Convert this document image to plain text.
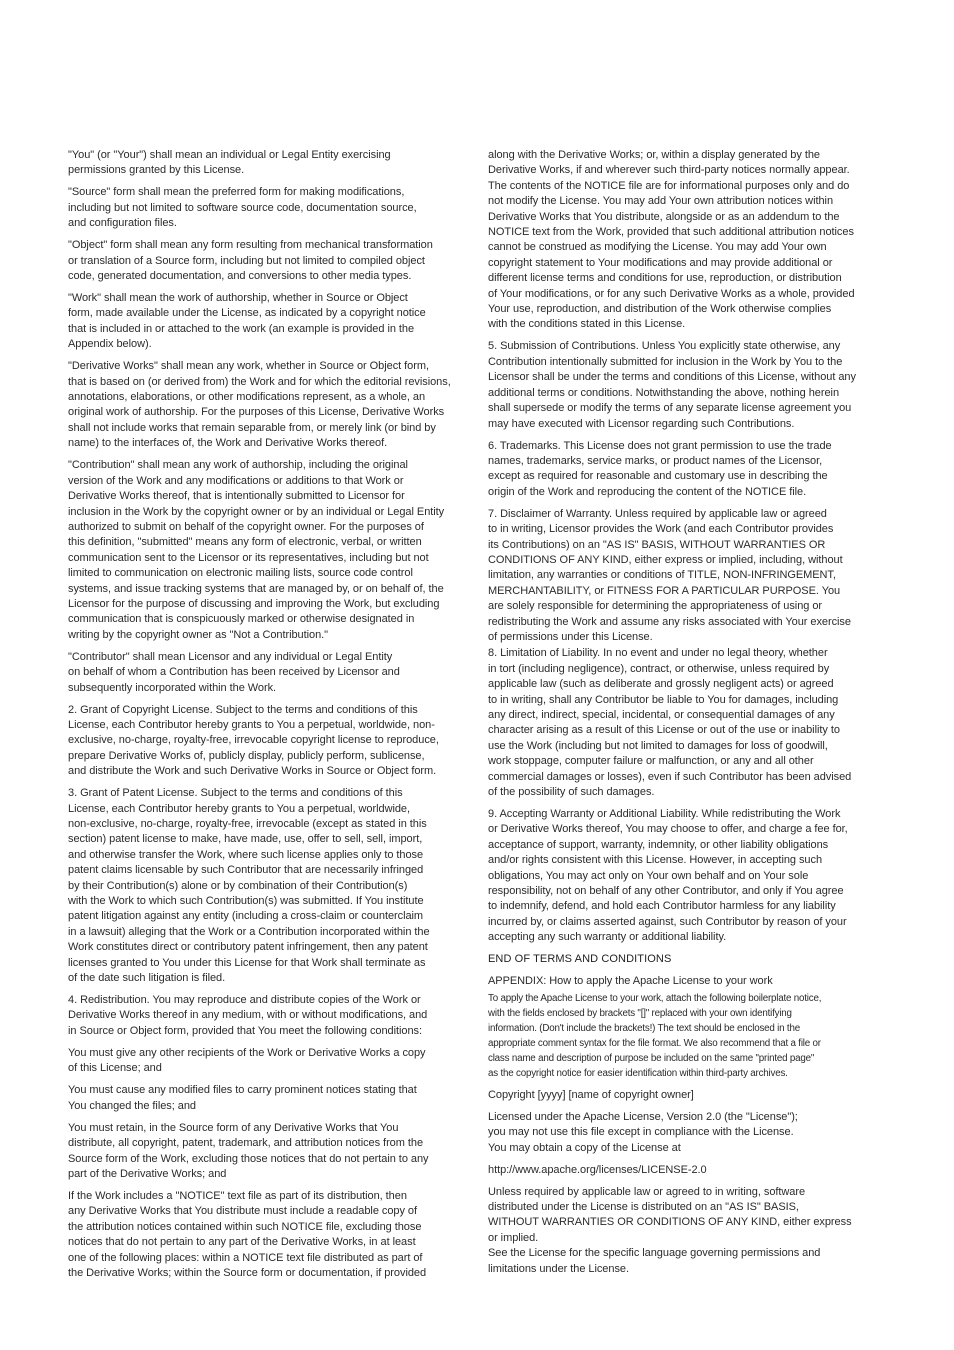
"You" (or "Your") shall mean an individual or Legal Entity exercising
permissions granted by this License.

"Source" form shall mean the preferred form for making modifications,
including but not limited to software source code, documentation source,
and configuration files.

"Object" form shall mean any form resulting from mechanical transformation
or translation of a Source form, including but not limited to compiled object
code, generated documentation, and conversions to other media types.

"Work" shall mean the work of authorship, whether in Source or Object
form, made available under the License, as indicated by a copyright notice
that is included in or attached to the work (an example is provided in the
Appendix below).

"Derivative Works" shall mean any work, whether in Source or Object form,
that is based on (or derived from) the Work and for which the editorial revisions,
annotations, elaborations, or other modifications represent, as a whole, an
original work of authorship. For the purposes of this License, Derivative Works
shall not include works that remain separable from, or merely link (or bind by
name) to the interfaces of, the Work and Derivative Works thereof.

"Contribution" shall mean any work of authorship, including the original
version of the Work and any modifications or additions to that Work or
Derivative Works thereof, that is intentionally submitted to Licensor for
inclusion in the Work by the copyright owner or by an individual or Legal Entity
authorized to submit on behalf of the copyright owner. For the purposes of
this definition, "submitted" means any form of electronic, verbal, or written
communication sent to the Licensor or its representatives, including but not
limited to communication on electronic mailing lists, source code control
systems, and issue tracking systems that are managed by, or on behalf of, the
Licensor for the purpose of discussing and improving the Work, but excluding
communication that is conspicuously marked or otherwise designated in
writing by the copyright owner as "Not a Contribution."

"Contributor" shall mean Licensor and any individual or Legal Entity
on behalf of whom a Contribution has been received by Licensor and
subsequently incorporated within the Work.

2. Grant of Copyright License. Subject to the terms and conditions of this
License, each Contributor hereby grants to You a perpetual, worldwide, non-
exclusive, no-charge, royalty-free, irrevocable copyright license to reproduce,
prepare Derivative Works of, publicly display, publicly perform, sublicense,
and distribute the Work and such Derivative Works in Source or Object form.

3. Grant of Patent License. Subject to the terms and conditions of this
License, each Contributor hereby grants to You a perpetual, worldwide,
non-exclusive, no-charge, royalty-free, irrevocable (except as stated in this
section) patent license to make, have made, use, offer to sell, sell, import,
and otherwise transfer the Work, where such license applies only to those
patent claims licensable by such Contributor that are necessarily infringed
by their Contribution(s) alone or by combination of their Contribution(s)
with the Work to which such Contribution(s) was submitted. If You institute
patent litigation against any entity (including a cross-claim or counterclaim
in a lawsuit) alleging that the Work or a Contribution incorporated within the
Work constitutes direct or contributory patent infringement, then any patent
licenses granted to You under this License for that Work shall terminate as
of the date such litigation is filed.

4. Redistribution. You may reproduce and distribute copies of the Work or
Derivative Works thereof in any medium, with or without modifications, and
in Source or Object form, provided that You meet the following conditions:

You must give any other recipients of the Work or Derivative Works a copy
of this License; and

You must cause any modified files to carry prominent notices stating that
You changed the files; and

You must retain, in the Source form of any Derivative Works that You
distribute, all copyright, patent, trademark, and attribution notices from the
Source form of the Work, excluding those notices that do not pertain to any
part of the Derivative Works; and

If the Work includes a "NOTICE" text file as part of its distribution, then
any Derivative Works that You distribute must include a readable copy of
the attribution notices contained within such NOTICE file, excluding those
notices that do not pertain to any part of the Derivative Works, in at least
one of the following places: within a NOTICE text file distributed as part of
the Derivative Works; within the Source form or documentation, if provided

along with the Derivative Works; or, within a display generated by the
Derivative Works, if and wherever such third-party notices normally appear.
The contents of the NOTICE file are for informational purposes only and do
not modify the License. You may add Your own attribution notices within
Derivative Works that You distribute, alongside or as an addendum to the
NOTICE text from the Work, provided that such additional attribution notices
cannot be construed as modifying the License. You may add Your own
copyright statement to Your modifications and may provide additional or
different license terms and conditions for use, reproduction, or distribution
of Your modifications, or for any such Derivative Works as a whole, provided
Your use, reproduction, and distribution of the Work otherwise complies
with the conditions stated in this License.

5. Submission of Contributions. Unless You explicitly state otherwise, any
Contribution intentionally submitted for inclusion in the Work by You to the
Licensor shall be under the terms and conditions of this License, without any
additional terms or conditions. Notwithstanding the above, nothing herein
shall supersede or modify the terms of any separate license agreement you
may have executed with Licensor regarding such Contributions.

6. Trademarks. This License does not grant permission to use the trade
names, trademarks, service marks, or product names of the Licensor,
except as required for reasonable and customary use in describing the
origin of the Work and reproducing the content of the NOTICE file.

7. Disclaimer of Warranty. Unless required by applicable law or agreed
to in writing, Licensor provides the Work (and each Contributor provides
its Contributions) on an "AS IS" BASIS, WITHOUT WARRANTIES OR
CONDITIONS OF ANY KIND, either express or implied, including, without
limitation, any warranties or conditions of TITLE, NON-INFRINGEMENT,
MERCHANTABILITY, or FITNESS FOR A PARTICULAR PURPOSE. You
are solely responsible for determining the appropriateness of using or
redistributing the Work and assume any risks associated with Your exercise
of permissions under this License.

8. Limitation of Liability. In no event and under no legal theory, whether
in tort (including negligence), contract, or otherwise, unless required by
applicable law (such as deliberate and grossly negligent acts) or agreed
to in writing, shall any Contributor be liable to You for damages, including
any direct, indirect, special, incidental, or consequential damages of any
character arising as a result of this License or out of the use or inability to
use the Work (including but not limited to damages for loss of goodwill,
work stoppage, computer failure or malfunction, or any and all other
commercial damages or losses), even if such Contributor has been advised
of the possibility of such damages.

9. Accepting Warranty or Additional Liability. While redistributing the Work
or Derivative Works thereof, You may choose to offer, and charge a fee for,
acceptance of support, warranty, indemnity, or other liability obligations
and/or rights consistent with this License. However, in accepting such
obligations, You may act only on Your own behalf and on Your sole
responsibility, not on behalf of any other Contributor, and only if You agree
to indemnify, defend, and hold each Contributor harmless for any liability
incurred by, or claims asserted against, such Contributor by reason of your
accepting any such warranty or additional liability.

END OF TERMS AND CONDITIONS

APPENDIX: How to apply the Apache License to your work

To apply the Apache License to your work, attach the following boilerplate notice,
with the fields enclosed by brackets "[]" replaced with your own identifying
information. (Don't include the brackets!) The text should be enclosed in the
appropriate comment syntax for the file format. We also recommend that a file or
class name and description of purpose be included on the same "printed page"
as the copyright notice for easier identification within third-party archives.

Copyright [yyyy] [name of copyright owner]

Licensed under the Apache License, Version 2.0 (the "License");

you may not use this file except in compliance with the License.

You may obtain a copy of the License at

http://www.apache.org/licenses/LICENSE-2.0

Unless required by applicable law or agreed to in writing, software

distributed under the License is distributed on an "AS IS" BASIS,

WITHOUT WARRANTIES OR CONDITIONS OF ANY KIND, either express
or implied.
See the License for the specific language governing permissions and
limitations under the License.
